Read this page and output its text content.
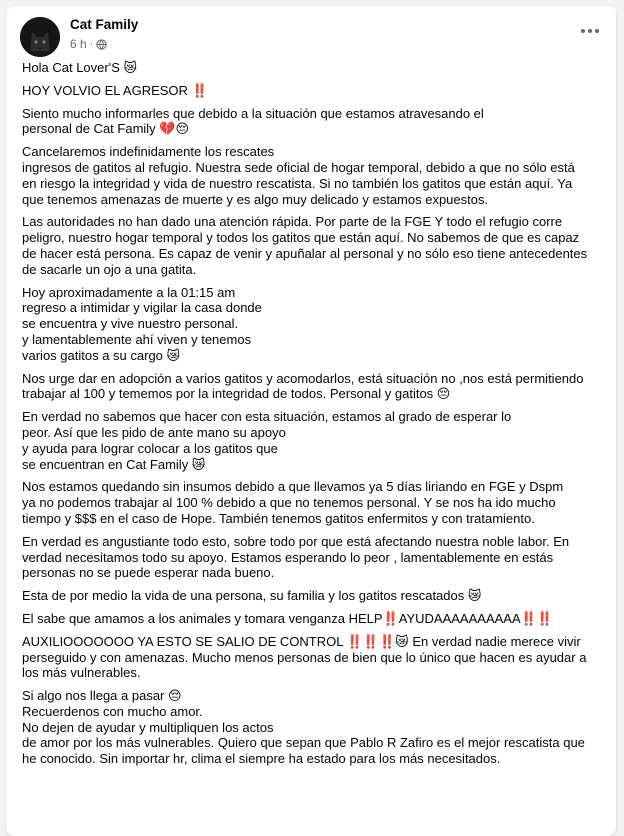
Cat Family
6 h ·

Hola Cat Lover'S 😿

HOY VOLVIO EL AGRESOR ‼️

Siento mucho informarles que debido a la situación que estamos atravesando el
personal de Cat Family 💔😔

Cancelaremos indefinidamente los rescates
ingresos de gatitos al refugio. Nuestra sede oficial de hogar temporal, debido a que no sólo está
en riesgo la integridad y vida de nuestro rescatista. Si no también los gatitos que están aquí. Ya
que tenemos amenazas de muerte y es algo muy delicado y estamos expuestos.

Las autoridades no han dado una atención rápida. Por parte de la FGE Y todo el refugio corre
peligro, nuestro hogar temporal y todos los gatitos que están aquí. No sabemos de que es capaz
de hacer está persona. Es capaz de venir y apuñalar al personal y no sólo eso tiene antecedentes
de sacarle un ojo a una gatita.

Hoy aproximadamente a la 01:15 am
regreso a intimidar y vigilar la casa donde
se encuentra y vive nuestro personal.
y lamentablemente ahí viven y tenemos
varios gatitos a su cargo 😿

Nos urge dar en adopción a varios gatitos y acomodarlos, está situación no ,nos está permitiendo
trabajar al 100 y tememos por la integridad de todos. Personal y gatitos 😔

En verdad no sabemos que hacer con esta situación, estamos al grado de esperar lo
peor. Así que les pido de ante mano su apoyo
y ayuda para lograr colocar a los gatitos que
se encuentran en Cat Family 😿

Nos estamos quedando sin insumos debido a que llevamos ya 5 días liriando en FGE y Dspm
ya no podemos trabajar al 100 % debido a que no tenemos personal. Y se nos ha ido mucho
tiempo y $$$ en el caso de Hope. También tenemos gatitos enfermitos y con tratamiento.

En verdad es angustiante todo esto, sobre todo por que está afectando nuestra noble labor. En
verdad necesitamos todo su apoyo. Estamos esperando lo peor , lamentablemente en estás
personas no se puede esperar nada bueno.

Esta de por medio la vida de una persona, su familia y los gatitos rescatados 😿

El sabe que amamos a los animales y tomara venganza HELP‼️AYUDAAAAAAAAAA‼️‼️

AUXILIOOOOOOO YA ESTO SE SALIO DE CONTROL ‼️‼️‼️😿 En verdad nadie merece vivir
perseguido y con amenazas. Mucho menos personas de bien que lo único que hacen es ayudar a
los más vulnerables.

Si algo nos llega a pasar 😔
Recuerdenos con mucho amor.
No dejen de ayudar y multipliquen los actos
de amor por los más vulnerables. Quiero que sepan que Pablo R Zafiro es el mejor rescatista que
he conocido. Sin importar hr, clima el siempre ha estado para los más necesitados.
